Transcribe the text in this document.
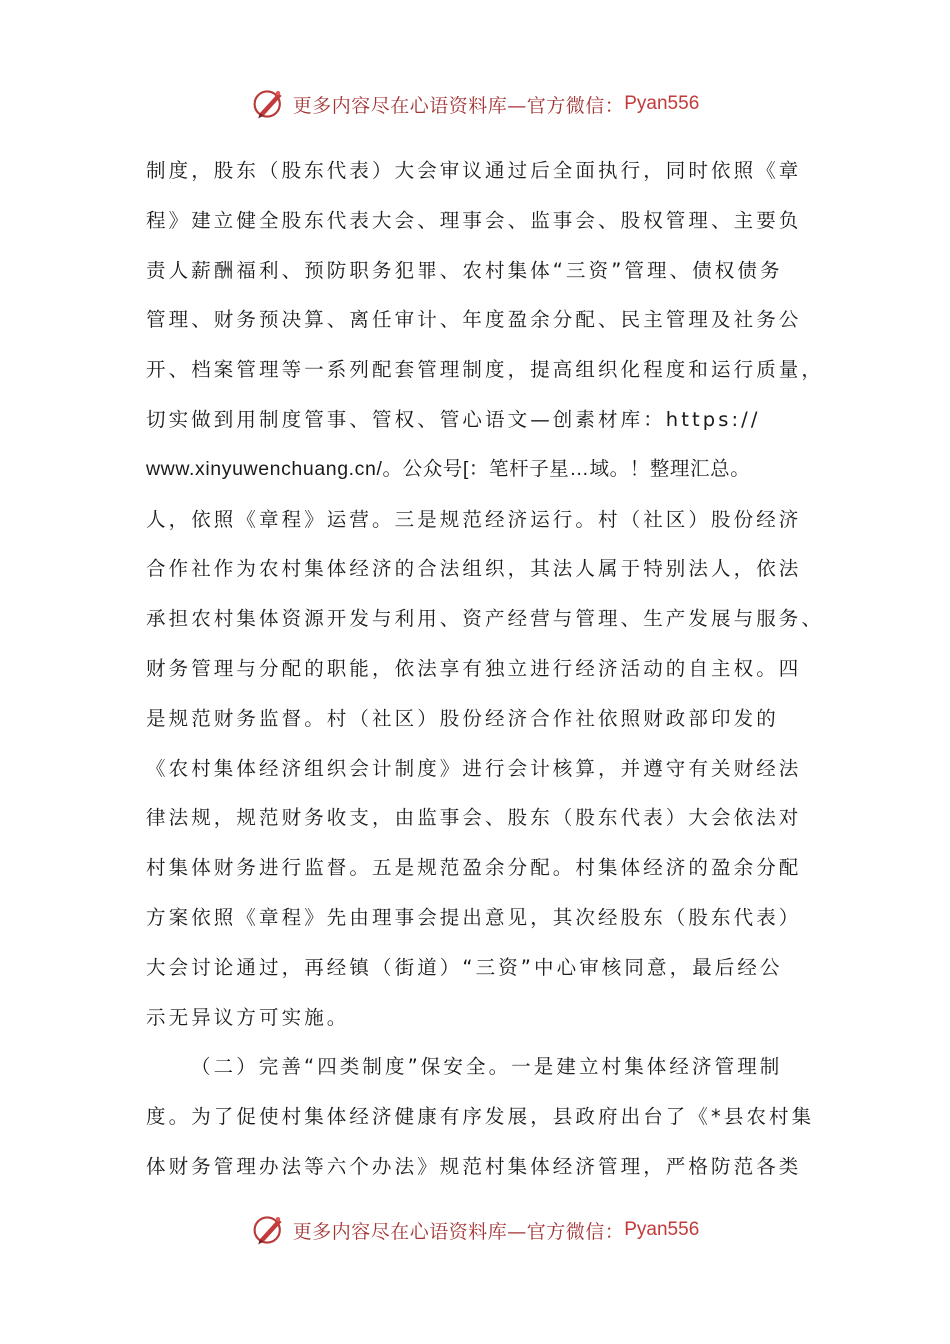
更多内容尽在心语资料库—官方微信： Pyan556
制度，股东（股东代表）大会审议通过后全面执行，同时依照《章
程》建立健全股东代表大会、理事会、监事会、股权管理、主要负
责人薪酬福利、预防职务犯罪、农村集体“三资”管理、债权债务
管理、财务预决算、离任审计、年度盈余分配、民主管理及社务公
开、档案管理等一系列配套管理制度，提高组织化程度和运行质量，
切实做到用制度管事、管权、管心语文—创素材库：https://
www.xinyuwenchuang.cn/。公众号[：笔杆子星…域。！整理汇总。
人，依照《章程》运营。三是规范经济运行。村（社区）股份经济
合作社作为农村集体经济的合法组织，其法人属于特别法人，依法
承担农村集体资源开发与利用、资产经营与管理、生产发展与服务、
财务管理与分配的职能，依法享有独立进行经济活动的自主权。四
是规范财务监督。村（社区）股份经济合作社依照财政部印发的
《农村集体经济组织会计制度》进行会计核算，并遵守有关财经法
律法规，规范财务收支，由监事会、股东（股东代表）大会依法对
村集体财务进行监督。五是规范盈余分配。村集体经济的盈余分配
方案依照《章程》先由理事会提出意见，其次经股东（股东代表）
大会讨论通过，再经镇（街道）“三资”中心审核同意，最后经公
示无异议方可实施。
（二）完善“四类制度”保安全。一是建立村集体经济管理制
度。为了促使村集体经济健康有序发展，县政府出台了《*县农村集
体财务管理办法等六个办法》规范村集体经济管理，严格防范各类
更多内容尽在心语资料库—官方微信： Pyan556
